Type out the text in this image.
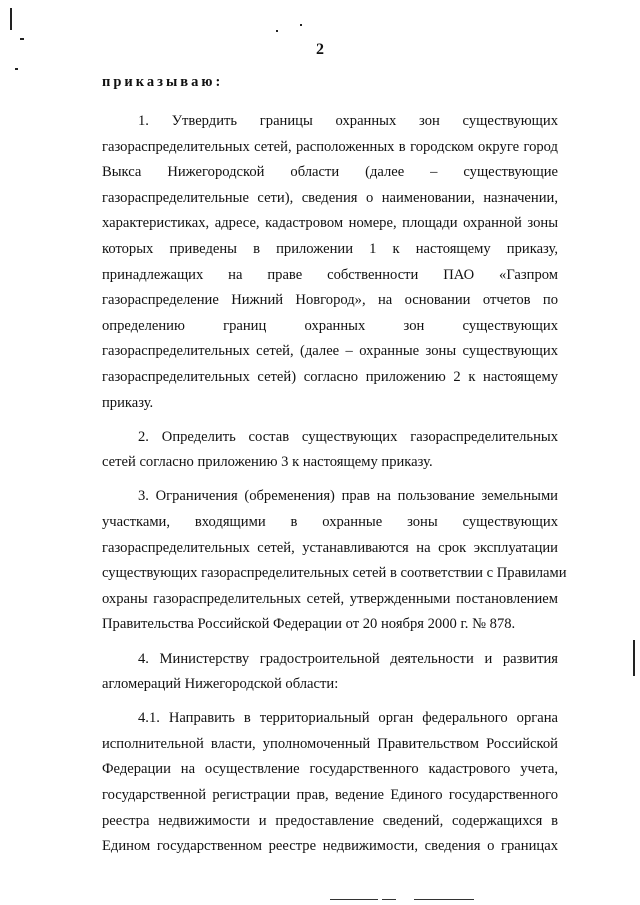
2
приказываю:
1. Утвердить границы охранных зон существующих
газораспределительных сетей, расположенных в городском округе город
Выкса Нижегородской области (далее – существующие
газораспределительные сети), сведения о наименовании, назначении,
характеристиках, адресе, кадастровом номере, площади охранной зоны
которых приведены в приложении 1 к настоящему приказу,
принадлежащих на праве собственности ПАО «Газпром
газораспределение Нижний Новгород», на основании отчетов по
определению границ охранных зон существующих
газораспределительных сетей, (далее – охранные зоны существующих
газораспределительных сетей) согласно приложению 2 к настоящему
приказу.
2. Определить состав существующих газораспределительных
сетей согласно приложению 3 к настоящему приказу.
3. Ограничения (обременения) прав на пользование земельными
участками, входящими в охранные зоны существующих
газораспределительных сетей, устанавливаются на срок эксплуатации
существующих газораспределительных сетей в соответствии с Правилами
охраны газораспределительных сетей, утвержденными постановлением
Правительства Российской Федерации от 20 ноября 2000 г. № 878.
4. Министерству градостроительной деятельности и развития
агломераций Нижегородской области:
4.1. Направить в территориальный орган федерального органа
исполнительной власти, уполномоченный Правительством Российской
Федерации на осуществление государственного кадастрового учета,
государственной регистрации прав, ведение Единого государственного
реестра недвижимости и предоставление сведений, содержащихся в
Едином государственном реестре недвижимости, сведения о границах
